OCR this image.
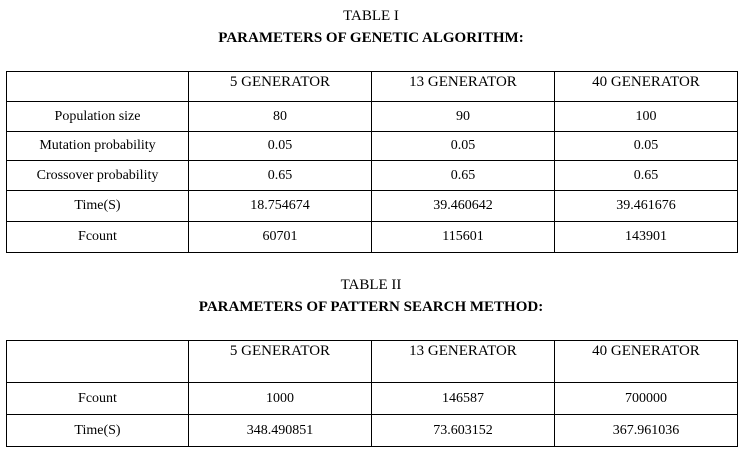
TABLE I
PARAMETERS OF GENETIC ALGORITHM:
	5 GENERATOR	13 GENERATOR	40 GENERATOR
Population size	80	90	100
Mutation probability	0.05	0.05	0.05
Crossover probability	0.65	0.65	0.65
Time(S)	18.754674	39.460642	39.461676
Fcount	60701	115601	143901
TABLE II
PARAMETERS OF PATTERN SEARCH METHOD:
	5 GENERATOR	13 GENERATOR	40 GENERATOR
Fcount	1000	146587	700000
Time(S)	348.490851	73.603152	367.961036
